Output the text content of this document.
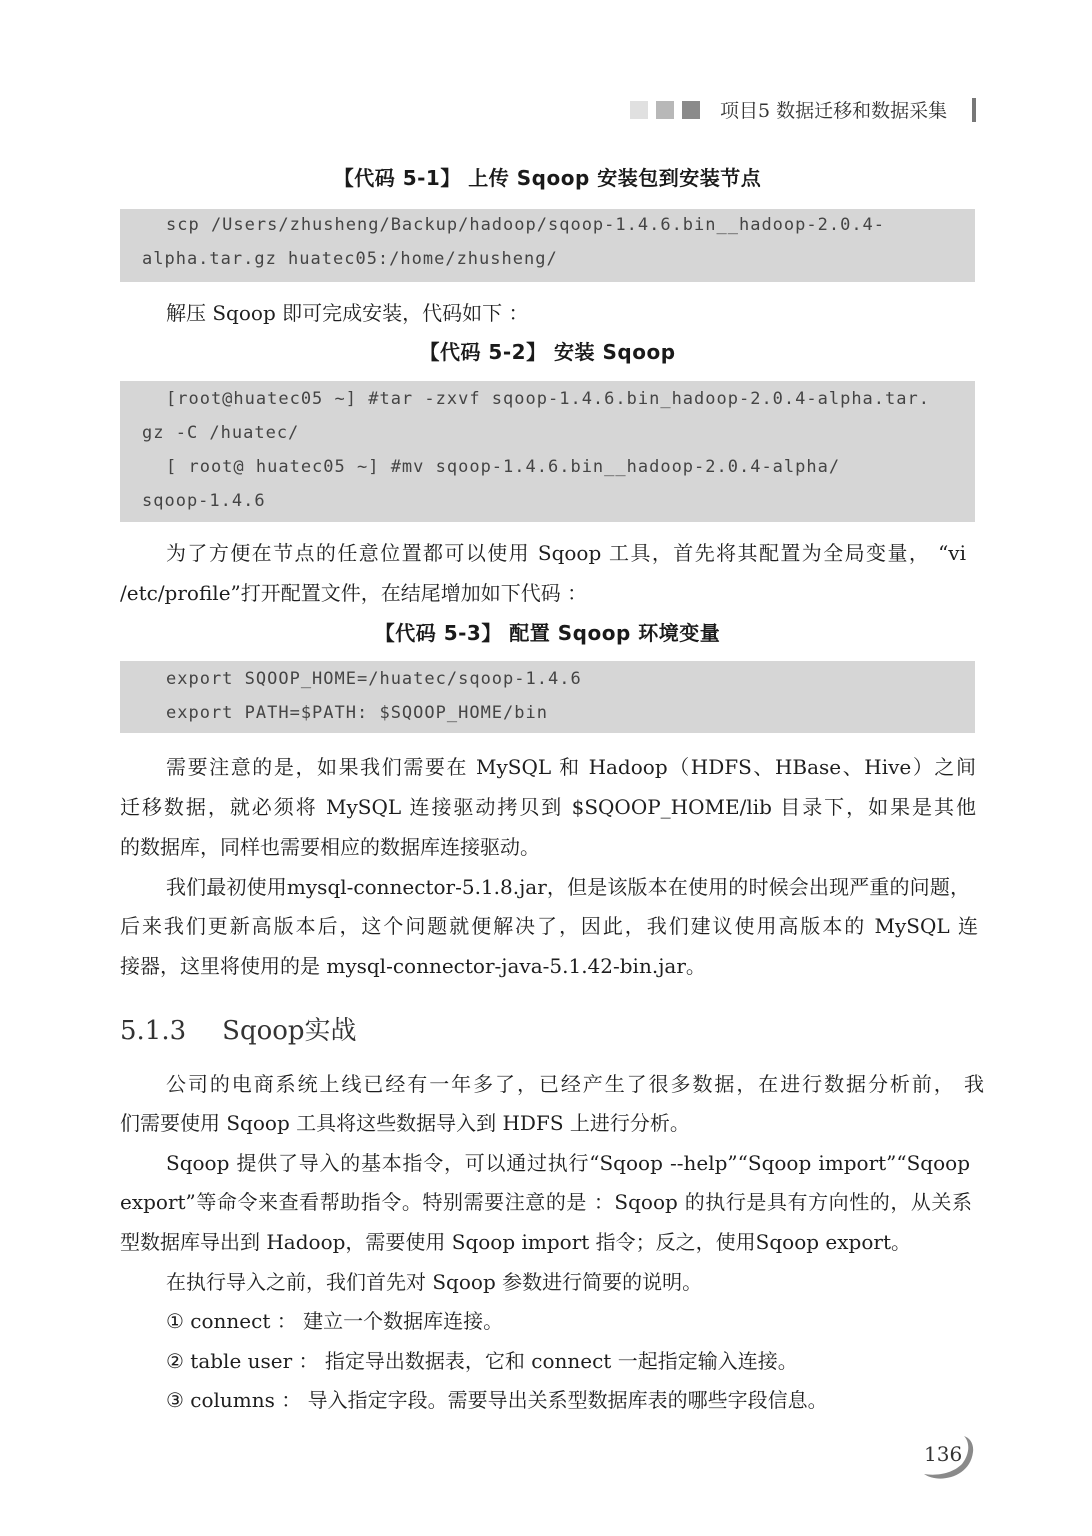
项目5 数据迁移和数据采集
【代码 5-1】 上传 Sqoop 安装包到安装节点
scp /Users/zhusheng/Backup/hadoop/sqoop-1.4.6.bin__hadoop-2.0.4-
alpha.tar.gz huatec05:/home/zhusheng/
解压 Sqoop 即可完成安装，代码如下 ：
【代码 5-2】 安装 Sqoop
[root@huatec05 ~] #tar -zxvf sqoop-1.4.6.bin_hadoop-2.0.4-alpha.tar.
gz -C /huatec/
[ root@ huatec05 ~] #mv sqoop-1.4.6.bin__hadoop-2.0.4-alpha/
sqoop-1.4.6
为了方便在节点的任意位置都可以使用 Sqoop 工具，首先将其配置为全局变量， “vi
/etc/profile”打开配置文件，在结尾增加如下代码 ：
【代码 5-3】 配置 Sqoop 环境变量
export SQOOP_HOME=/huatec/sqoop-1.4.6
export PATH=$PATH: $SQOOP_HOME/bin
需要注意的是，如果我们需要在 MySQL 和 Hadoop（HDFS、HBase、Hive）之间
迁移数据，就必须将 MySQL 连接驱动拷贝到 $SQOOP_HOME/lib 目录下，如果是其他
的数据库，同样也需要相应的数据库连接驱动。
我们最初使用mysql-connector-5.1.8.jar，但是该版本在使用的时候会出现严重的问题，
后来我们更新高版本后，这个问题就便解决了，因此，我们建议使用高版本的 MySQL 连
接器，这里将使用的是 mysql-connector-java-5.1.42-bin.jar。
5.1.3 Sqoop实战
公司的电商系统上线已经有一年多了，已经产生了很多数据，在进行数据分析前， 我
们需要使用 Sqoop 工具将这些数据导入到 HDFS 上进行分析。
Sqoop 提供了导入的基本指令，可以通过执行“Sqoop --help”“Sqoop import”“Sqoop
export”等命令来查看帮助指令。特别需要注意的是 ：Sqoop 的执行是具有方向性的，从关系
型数据库导出到 Hadoop，需要使用 Sqoop import 指令；反之，使用Sqoop export。
在执行导入之前，我们首先对 Sqoop 参数进行简要的说明。
① connect ： 建立一个数据库连接。
② table user ： 指定导出数据表，它和 connect 一起指定输入连接。
③ columns ： 导入指定字段。需要导出关系型数据库表的哪些字段信息。
136
